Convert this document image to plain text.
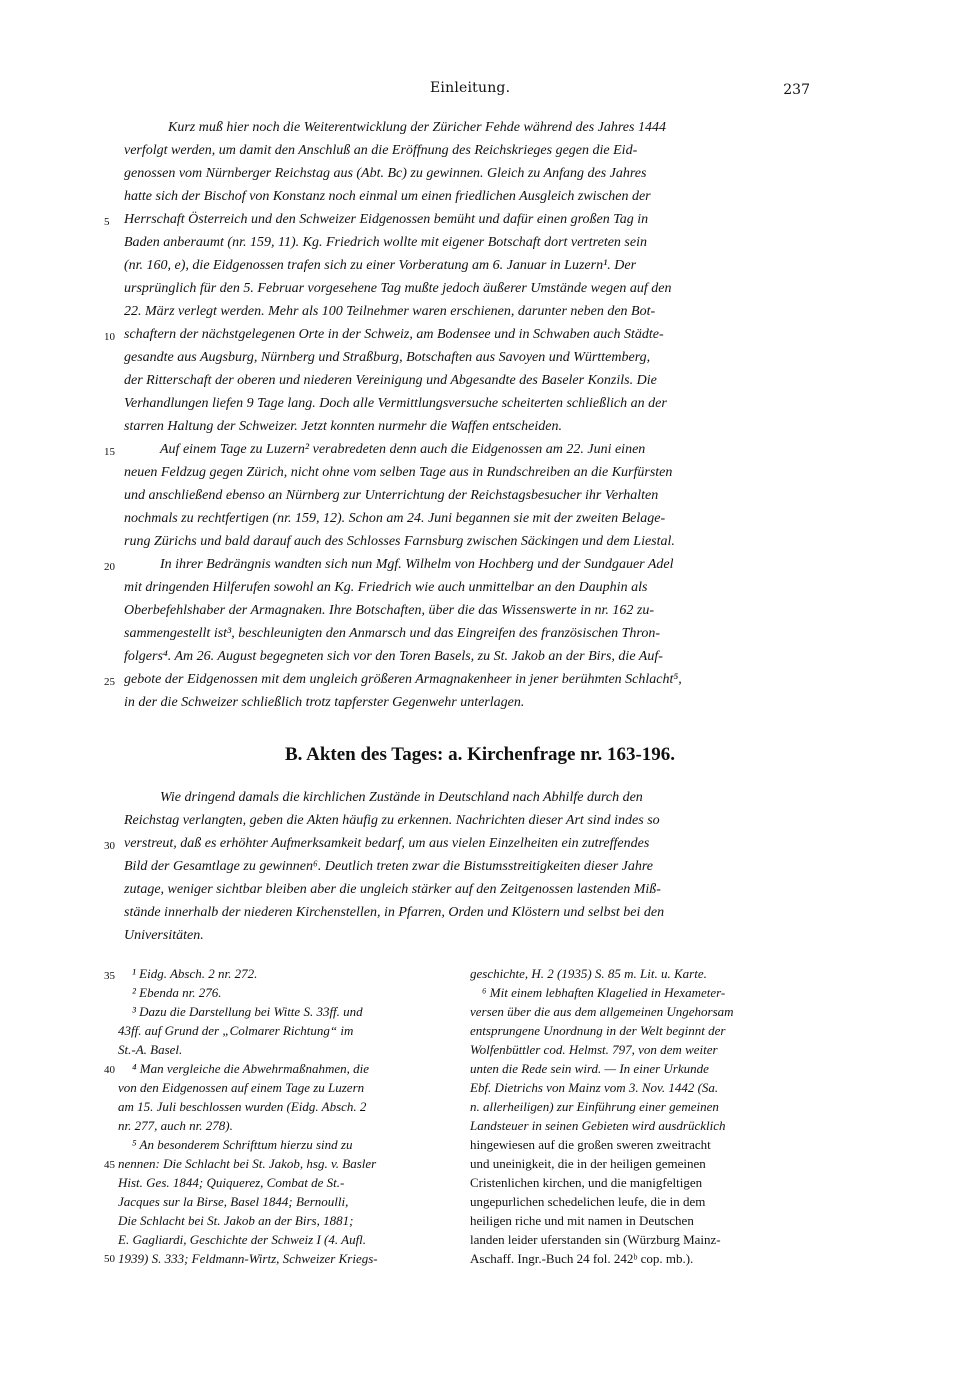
Einleitung.	237
Kurz muß hier noch die Weiterentwicklung der Züricher Fehde während des Jahres 1444
verfolgt werden, um damit den Anschluß an die Eröffnung des Reichskrieges gegen die Eid-
genossen vom Nürnberger Reichstag aus (Abt. Bc) zu gewinnen. Gleich zu Anfang des Jahres
hatte sich der Bischof von Konstanz noch einmal um einen friedlichen Ausgleich zwischen der
Herrschaft Österreich und den Schweizer Eidgenossen bemüht und dafür einen großen Tag in
Baden anberaumt (nr. 159, 11). Kg. Friedrich wollte mit eigener Botschaft dort vertreten sein
(nr. 160, e), die Eidgenossen trafen sich zu einer Vorberatung am 6. Januar in Luzern¹. Der
ursprünglich für den 5. Februar vorgesehene Tag mußte jedoch äußerer Umstände wegen auf den
22. März verlegt werden. Mehr als 100 Teilnehmer waren erschienen, darunter neben den Bot-
schaftern der nächstgelegenen Orte in der Schweiz, am Bodensee und in Schwaben auch Städte-
gesandte aus Augsburg, Nürnberg und Straßburg, Botschaften aus Savoyen und Württemberg,
der Ritterschaft der oberen und niederen Vereinigung und Abgesandte des Baseler Konzils. Die
Verhandlungen liefen 9 Tage lang. Doch alle Vermittlungsversuche scheiterten schließlich an der
starren Haltung der Schweizer. Jetzt konnten nurmehr die Waffen entscheiden.
Auf einem Tage zu Luzern² verabredeten denn auch die Eidgenossen am 22. Juni einen
neuen Feldzug gegen Zürich, nicht ohne vom selben Tage aus in Rundschreiben an die Kurfürsten
und anschließend ebenso an Nürnberg zur Unterrichtung der Reichstagsbesucher ihr Verhalten
nochmals zu rechtfertigen (nr. 159, 12). Schon am 24. Juni begannen sie mit der zweiten Belage-
rung Zürichs und bald darauf auch des Schlosses Farnsburg zwischen Säckingen und dem Liestal.
In ihrer Bedrängnis wandten sich nun Mgf. Wilhelm von Hochberg und der Sundgauer Adel
mit dringenden Hilferufen sowohl an Kg. Friedrich wie auch unmittelbar an den Dauphin als
Oberbefehlshaber der Armagnaken. Ihre Botschaften, über die das Wissenswerte in nr. 162 zu-
sammengestellt ist³, beschleunigten den Anmarsch und das Eingreifen des französischen Thron-
folgers⁴. Am 26. August begegneten sich vor den Toren Basels, zu St. Jakob an der Birs, die Auf-
gebote der Eidgenossen mit dem ungleich größeren Armagnakenheer in jener berühmten Schlacht⁵,
in der die Schweizer schließlich trotz tapferster Gegenwehr unterlagen.
B. Akten des Tages: a. Kirchenfrage nr. 163-196.
Wie dringend damals die kirchlichen Zustände in Deutschland nach Abhilfe durch den
Reichstag verlangten, geben die Akten häufig zu erkennen. Nachrichten dieser Art sind indes so
verstreut, daß es erhöhter Aufmerksamkeit bedarf, um aus vielen Einzelheiten ein zutreffendes
Bild der Gesamtlage zu gewinnen⁶. Deutlich treten zwar die Bistumsstreitigkeiten dieser Jahre
zutage, weniger sichtbar bleiben aber die ungleich stärker auf den Zeitgenossen lastenden Miß-
stände innerhalb der niederen Kirchenstellen, in Pfarren, Orden und Klöstern und selbst bei den
Universitäten.
5
10
15
20
25
30
35
40
45
50
¹ Eidg. Absch. 2 nr. 272.
² Ebenda nr. 276.
³ Dazu die Darstellung bei Witte S. 33ff. und
43ff. auf Grund der „Colmarer Richtung“ im
St.-A. Basel.
⁴ Man vergleiche die Abwehrmaßnahmen, die
von den Eidgenossen auf einem Tage zu Luzern
am 15. Juli beschlossen wurden (Eidg. Absch. 2
nr. 277, auch nr. 278).
⁵ An besonderem Schrifttum hierzu sind zu
nennen: Die Schlacht bei St. Jakob, hsg. v. Basler
Hist. Ges. 1844; Quiquerez, Combat de St.-
Jacques sur la Birse, Basel 1844; Bernoulli,
Die Schlacht bei St. Jakob an der Birs, 1881;
E. Gagliardi, Geschichte der Schweiz I (4. Aufl.
1939) S. 333; Feldmann-Wirtz, Schweizer Kriegs-
geschichte, H. 2 (1935) S. 85 m. Lit. u. Karte.
⁶ Mit einem lebhaften Klagelied in Hexameter-
versen über die aus dem allgemeinen Ungehorsam
entsprungene Unordnung in der Welt beginnt der
Wolfenbüttler cod. Helmst. 797, von dem weiter
unten die Rede sein wird. — In einer Urkunde
Ebf. Dietrichs von Mainz vom 3. Nov. 1442 (Sa.
n. allerheiligen) zur Einführung einer gemeinen
Landsteuer in seinen Gebieten wird ausdrücklich
hingewiesen auf die großen sweren zweitracht
und uneinigkeit, die in der heiligen gemeinen
Cristenlichen kirchen, und die manigfeltigen
ungepurlichen schedelichen leufe, die in dem
heiligen riche und mit namen in Deutschen
landen leider uferstanden sin (Würzburg Mainz-
Aschaff. Ingr.-Buch 24 fol. 242ᵇ cop. mb.).
